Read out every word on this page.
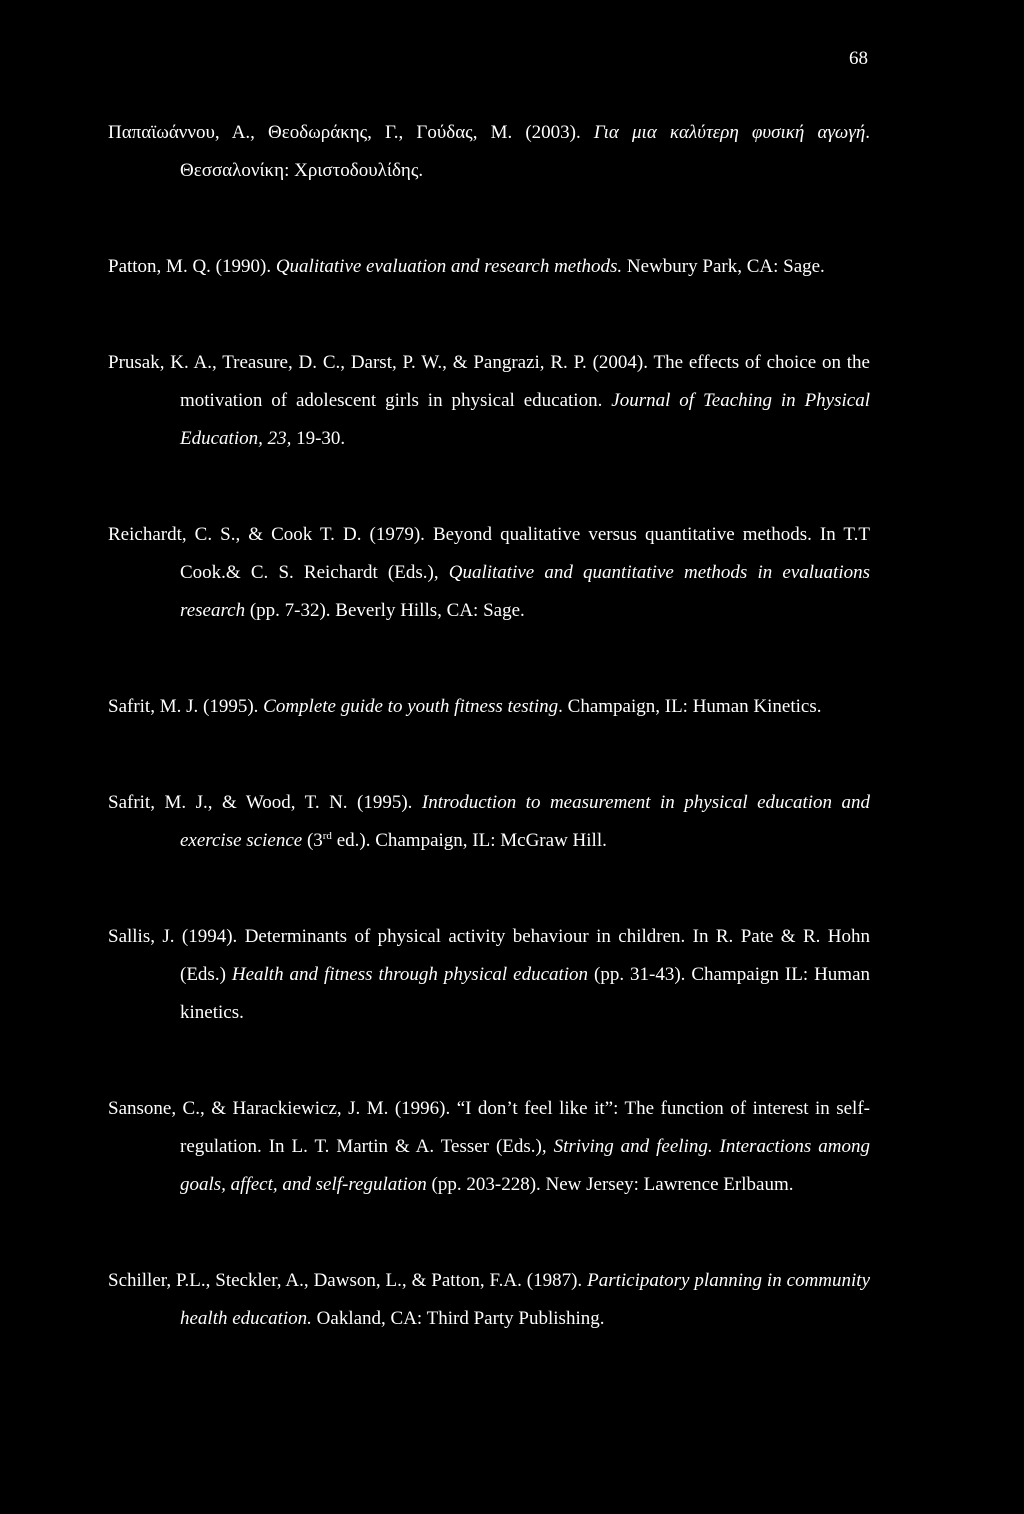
68

Παπαϊωάννου, Α., Θεοδωράκης, Γ., Γούδας, Μ. (2003). Για μια καλύτερη φυσική αγωγή. Θεσσαλονίκη: Χριστοδουλίδης.

Patton, M. Q. (1990). Qualitative evaluation and research methods. Newbury Park, CA: Sage.

Prusak, K. A., Treasure, D. C., Darst, P. W., & Pangrazi, R. P. (2004). The effects of choice on the motivation of adolescent girls in physical education. Journal of Teaching in Physical Education, 23, 19-30.

Reichardt, C. S., & Cook T. D. (1979). Beyond qualitative versus quantitative methods. In T.T Cook.& C. S. Reichardt (Eds.), Qualitative and quantitative methods in evaluations research (pp. 7-32). Beverly Hills, CA: Sage.

Safrit, M. J. (1995). Complete guide to youth fitness testing. Champaign, IL: Human Kinetics.

Safrit, M. J., & Wood, T. N. (1995). Introduction to measurement in physical education and exercise science (3rd ed.). Champaign, IL: McGraw Hill.

Sallis, J. (1994). Determinants of physical activity behaviour in children. In R. Pate & R. Hohn (Eds.) Health and fitness through physical education (pp. 31-43). Champaign IL: Human kinetics.

Sansone, C., & Harackiewicz, J. M. (1996). “I don’t feel like it”: The function of interest in self-regulation. In L. T. Martin & A. Tesser (Eds.), Striving and feeling. Interactions among goals, affect, and self-regulation (pp. 203-228). New Jersey: Lawrence Erlbaum.

Schiller, P.L., Steckler, A., Dawson, L., & Patton, F.A. (1987). Participatory planning in community health education. Oakland, CA: Third Party Publishing.
